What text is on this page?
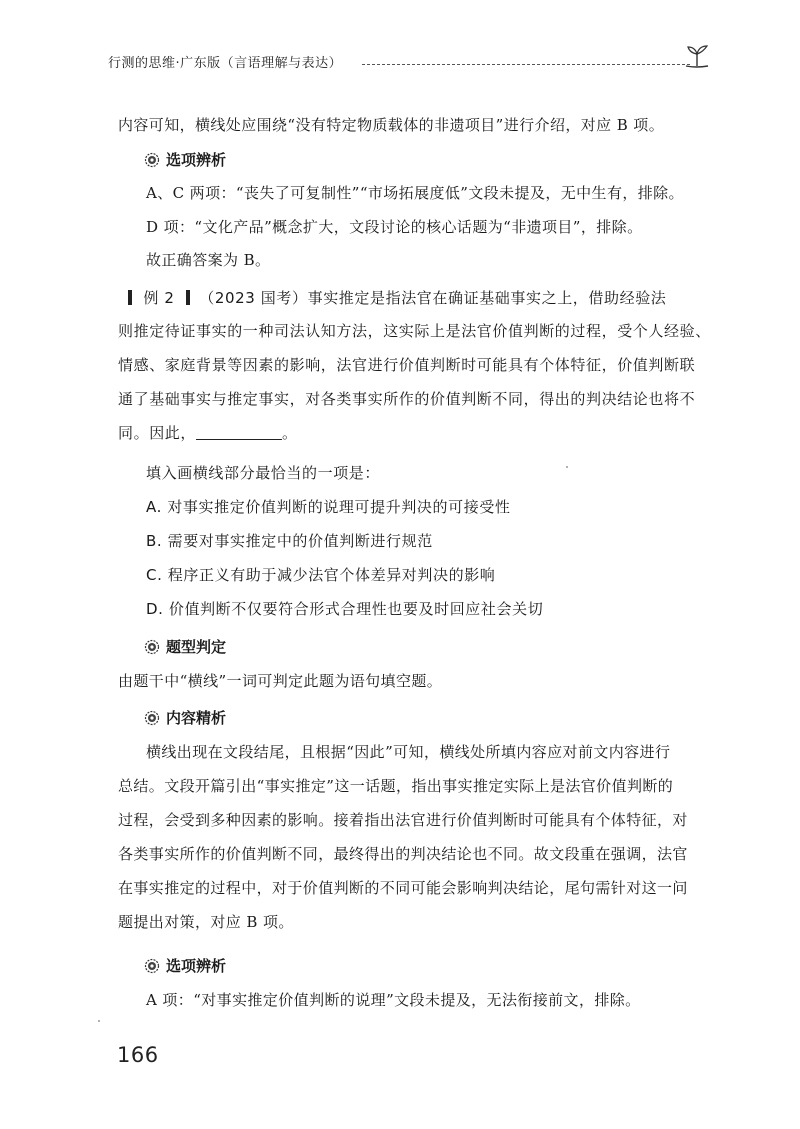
行测的思维·广东版（言语理解与表达）
内容可知，横线处应围绕“没有特定物质载体的非遗项目”进行介绍，对应 B 项。
选项辨析
A、C 两项：“丧失了可复制性”“市场拓展度低”文段未提及，无中生有，排除。
D 项：“文化产品”概念扩大，文段讨论的核心话题为“非遗项目”，排除。
故正确答案为 B。
例 2 （2023 国考）事实推定是指法官在确证基础事实之上，借助经验法
则推定待证事实的一种司法认知方法，这实际上是法官价值判断的过程，受个人经验、
情感、家庭背景等因素的影响，法官进行价值判断时可能具有个体特征，价值判断联
通了基础事实与推定事实，对各类事实所作的价值判断不同，得出的判决结论也将不
同。因此，	。
填入画横线部分最恰当的一项是：
A. 对事实推定价值判断的说理可提升判决的可接受性
B. 需要对事实推定中的价值判断进行规范
C. 程序正义有助于减少法官个体差异对判决的影响
D. 价值判断不仅要符合形式合理性也要及时回应社会关切
题型判定
由题干中“横线”一词可判定此题为语句填空题。
内容精析
横线出现在文段结尾，且根据“因此”可知，横线处所填内容应对前文内容进行
总结。文段开篇引出“事实推定”这一话题，指出事实推定实际上是法官价值判断的
过程，会受到多种因素的影响。接着指出法官进行价值判断时可能具有个体特征，对
各类事实所作的价值判断不同，最终得出的判决结论也不同。故文段重在强调，法官
在事实推定的过程中，对于价值判断的不同可能会影响判决结论，尾句需针对这一问
题提出对策，对应 B 项。
选项辨析
A 项：“对事实推定价值判断的说理”文段未提及，无法衔接前文，排除。
166
